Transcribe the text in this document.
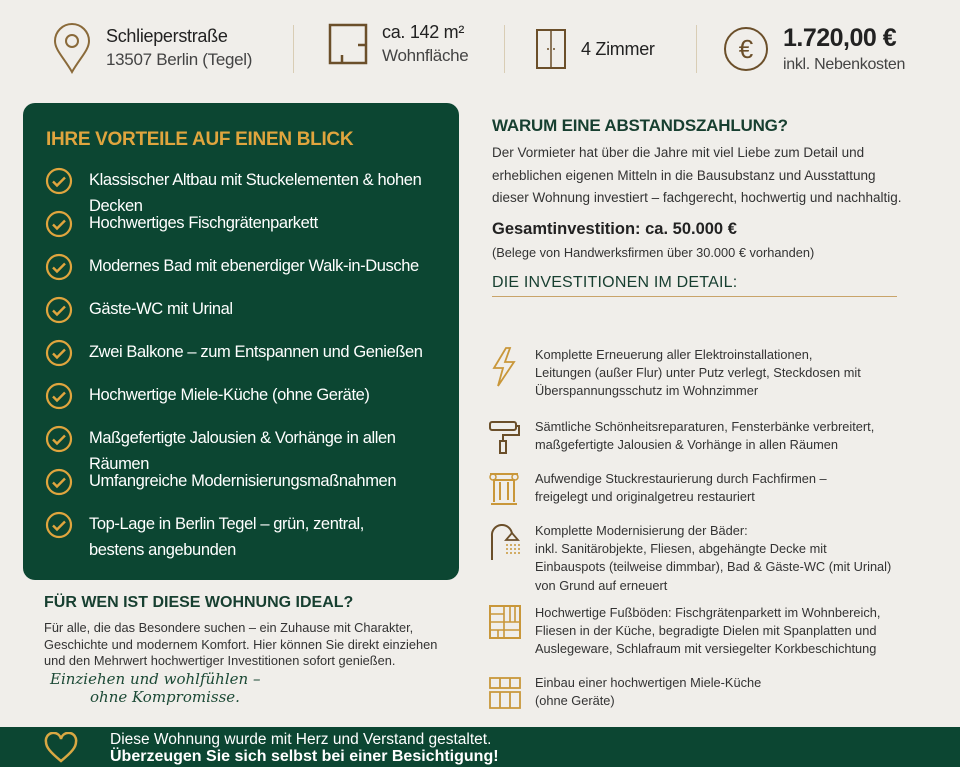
Schlieperstraße
13507 Berlin (Tegel)
ca. 142 m²
Wohnfläche	4 Zimmer	€ 1.720,00 €
inkl. Nebenkosten
IHRE VORTEILE AUF EINEN BLICK
Klassischer Altbau mit Stuckelementen & hohen Decken
Hochwertiges Fischgrätenparkett
Modernes Bad mit ebenerdiger Walk-in-Dusche
Gäste-WC mit Urinal
Zwei Balkone – zum Entspannen und Genießen
Hochwertige Miele-Küche (ohne Geräte)
Maßgefertigte Jalousien & Vorhänge in allen Räumen
Umfangreiche Modernisierungsmaßnahmen
Top-Lage in Berlin Tegel – grün, zentral,
bestens angebunden
WARUM EINE ABSTANDSZAHLUNG?
Der Vormieter hat über die Jahre mit viel Liebe zum Detail und erheblichen eigenen Mitteln in die Bausubstanz und Ausstattung dieser Wohnung investiert – fachgerecht, hochwertig und nachhaltig.
Gesamtinvestition: ca. 50.000 €
(Belege von Handwerksfirmen über 30.000 € vorhanden)
DIE INVESTITIONEN IM DETAIL:
Komplette Erneuerung aller Elektroinstallationen,
Leitungen (außer Flur) unter Putz verlegt, Steckdosen mit
Überspannungsschutz im Wohnzimmer
Sämtliche Schönheitsreparaturen, Fensterbänke verbreitert,
maßgefertigte Jalousien & Vorhänge in allen Räumen
Aufwendige Stuckrestaurierung durch Fachfirmen –
freigelegt und originalgetreu restauriert
Komplette Modernisierung der Bäder:
inkl. Sanitärobjekte, Fliesen, abgehängte Decke mit
Einbauspots (teilweise dimmbar), Bad & Gäste-WC (mit Urinal)
von Grund auf erneuert
Hochwertige Fußböden: Fischgrätenparkett im Wohnbereich,
Fliesen in der Küche, begradigte Dielen mit Spanplatten und
Auslegeware, Schlafraum mit versiegelter Korkbeschichtung
Einbau einer hochwertigen Miele-Küche
(ohne Geräte)
FÜR WEN IST DIESE WOHNUNG IDEAL?

Für alle, die das Besondere suchen – ein Zuhause mit Charakter, Geschichte und modernem Komfort. Hier können Sie direkt einziehen und den Mehrwert hochwertiger Investitionen sofort genießen.

Einziehen und wohlfühlen –
ohne Kompromisse.
Diese Wohnung wurde mit Herz und Verstand gestaltet.
Überzeugen Sie sich selbst bei einer Besichtigung!
